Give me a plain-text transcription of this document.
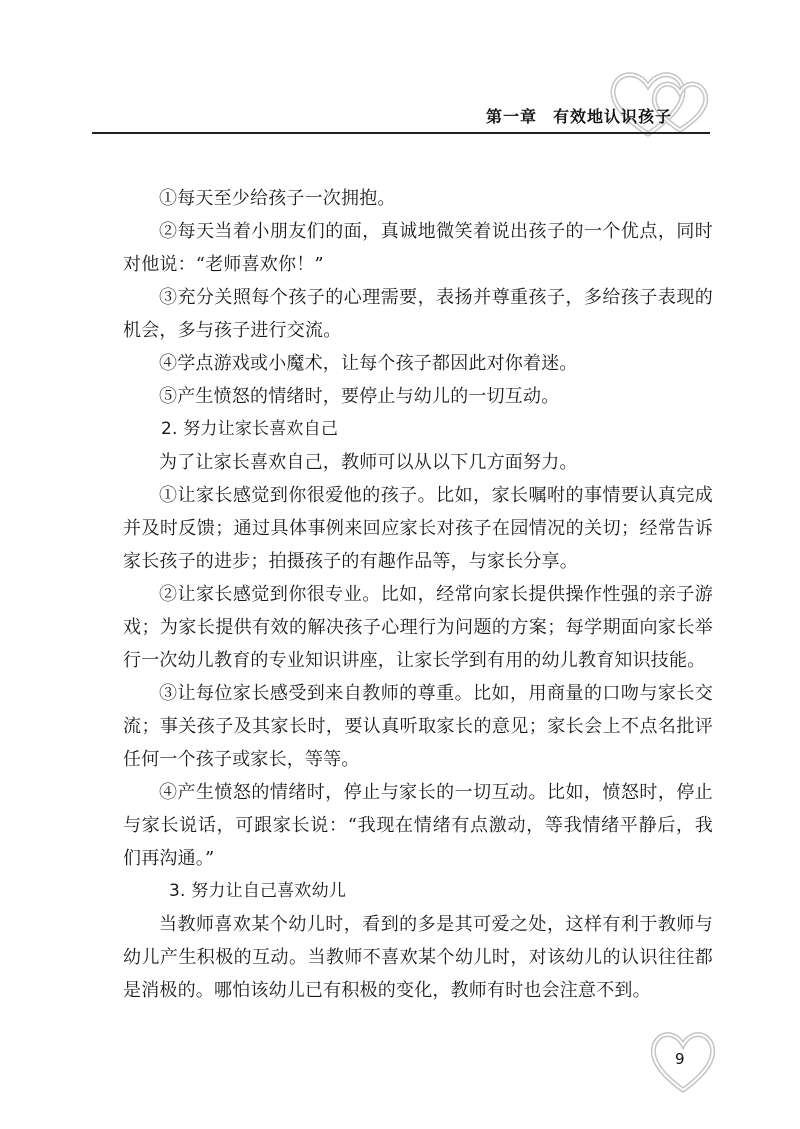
第一章 有效地认识孩子

①每天至少给孩子一次拥抱。

②每天当着小朋友们的面，真诚地微笑着说出孩子的一个优点，同时对他说：“老师喜欢你！”

③充分关照每个孩子的心理需要，表扬并尊重孩子，多给孩子表现的机会，多与孩子进行交流。

④学点游戏或小魔术，让每个孩子都因此对你着迷。

⑤产生愤怒的情绪时，要停止与幼儿的一切互动。

2. 努力让家长喜欢自己

为了让家长喜欢自己，教师可以从以下几方面努力。

①让家长感觉到你很爱他的孩子。比如，家长嘱咐的事情要认真完成并及时反馈；通过具体事例来回应家长对孩子在园情况的关切；经常告诉家长孩子的进步；拍摄孩子的有趣作品等，与家长分享。

②让家长感觉到你很专业。比如，经常向家长提供操作性强的亲子游戏；为家长提供有效的解决孩子心理行为问题的方案；每学期面向家长举行一次幼儿教育的专业知识讲座，让家长学到有用的幼儿教育知识技能。

③让每位家长感受到来自教师的尊重。比如，用商量的口吻与家长交流；事关孩子及其家长时，要认真听取家长的意见；家长会上不点名批评任何一个孩子或家长，等等。

④产生愤怒的情绪时，停止与家长的一切互动。比如，愤怒时，停止与家长说话，可跟家长说：“我现在情绪有点激动，等我情绪平静后，我们再沟通。”

3. 努力让自己喜欢幼儿

当教师喜欢某个幼儿时，看到的多是其可爱之处，这样有利于教师与幼儿产生积极的互动。当教师不喜欢某个幼儿时，对该幼儿的认识往往都是消极的。哪怕该幼儿已有积极的变化，教师有时也会注意不到。

9
